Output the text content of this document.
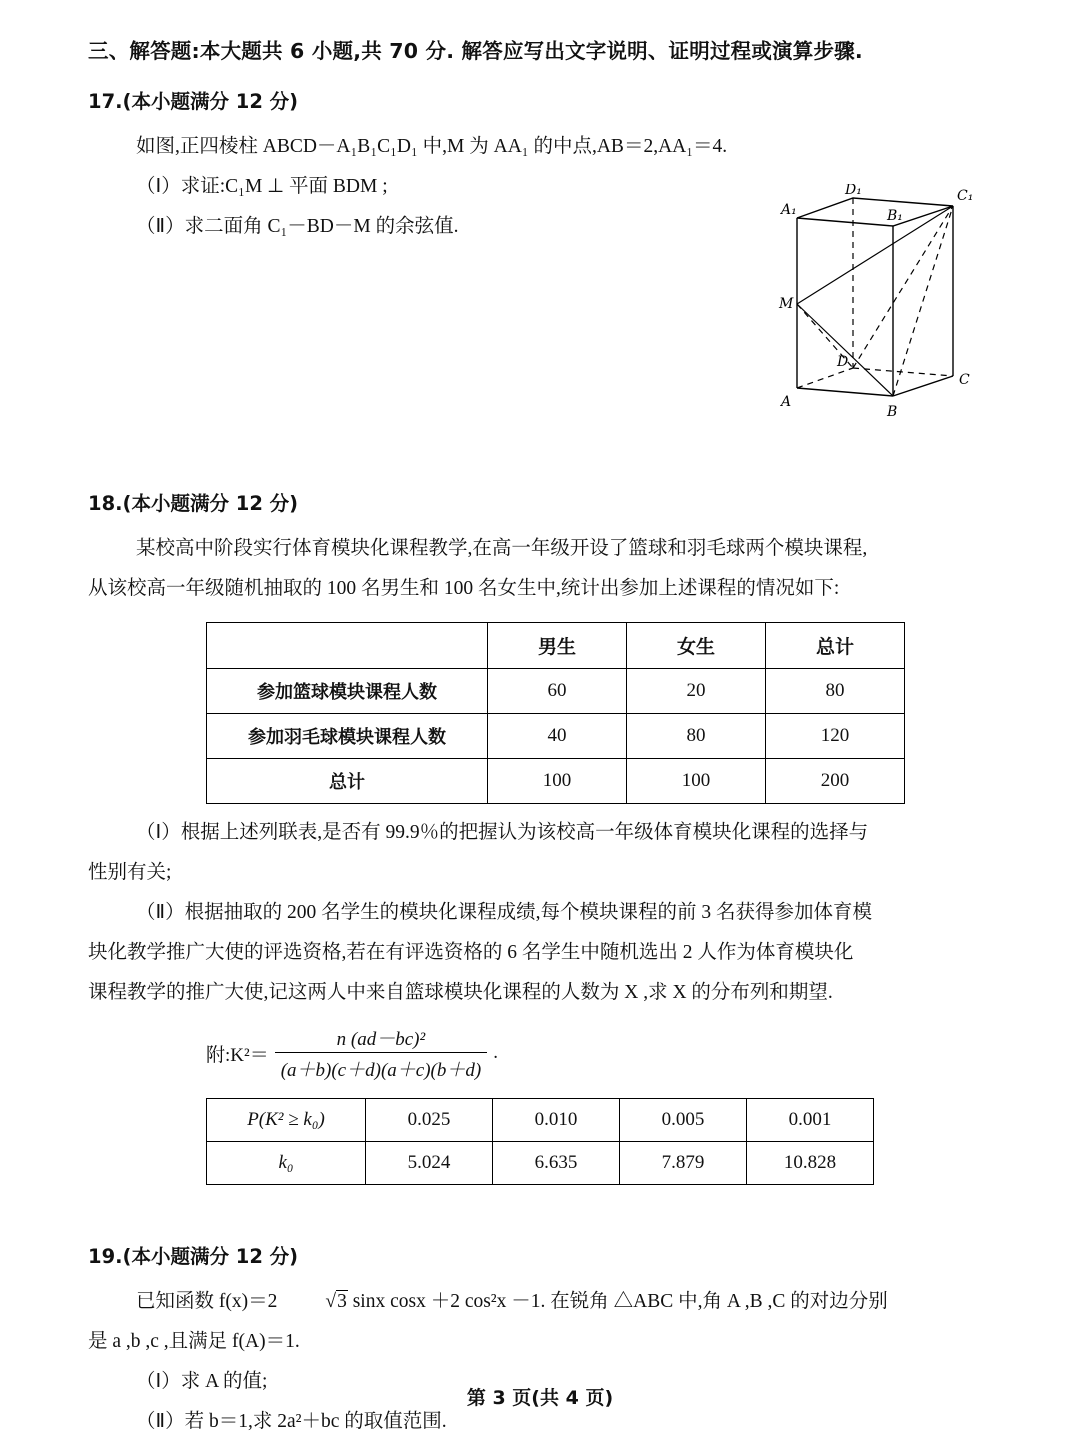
三、解答题:本大题共 6 小题,共 70 分. 解答应写出文字说明、证明过程或演算步骤.
17.(本小题满分 12 分)
如图,正四棱柱 ABCD－A₁B₁C₁D₁ 中,M 为 AA₁ 的中点,AB＝2,AA₁＝4.
（Ⅰ）求证:C₁M ⊥ 平面 BDM ;
（Ⅱ）求二面角 C₁－BD－M 的余弦值.
A₁
D₁	C₁
B₁
M
A
B
C
D
18.(本小题满分 12 分)
某校高中阶段实行体育模块化课程教学,在高一年级开设了篮球和羽毛球两个模块课程,
从该校高一年级随机抽取的 100 名男生和 100 名女生中,统计出参加上述课程的情况如下:
	男生	女生	总计
参加篮球模块课程人数	60	20	80
参加羽毛球模块课程人数	40	80	120
总计	100	100	200
（Ⅰ）根据上述列联表,是否有 99.9％的把握认为该校高一年级体育模块化课程的选择与
性别有关;
（Ⅱ）根据抽取的 200 名学生的模块化课程成绩,每个模块课程的前 3 名获得参加体育模
块化教学推广大使的评选资格,若在有评选资格的 6 名学生中随机选出 2 人作为体育模块化
课程教学的推广大使,记这两人中来自篮球模块化课程的人数为 X ,求 X 的分布列和期望.
附:K²＝ $\frac{\text{n (ad－bc)²}}{(a+b)(c+d)(a+c)(b+d)}$ .
P(K² ≥ k₀)	0.025	0.010	0.005	0.001
k₀	5.024	6.635	7.879	10.828
19.(本小题满分 12 分)
已知函数 f(x)＝2 √3 sinx cosx ＋2 cos²x －1. 在锐角 △ABC 中,角 A ,B ,C 的对边分别
是 a ,b ,c ,且满足 f(A)＝1.
（Ⅰ）求 A 的值;
（Ⅱ）若 b＝1,求 2a²＋bc 的取值范围.
第 3 页(共 4 页)
